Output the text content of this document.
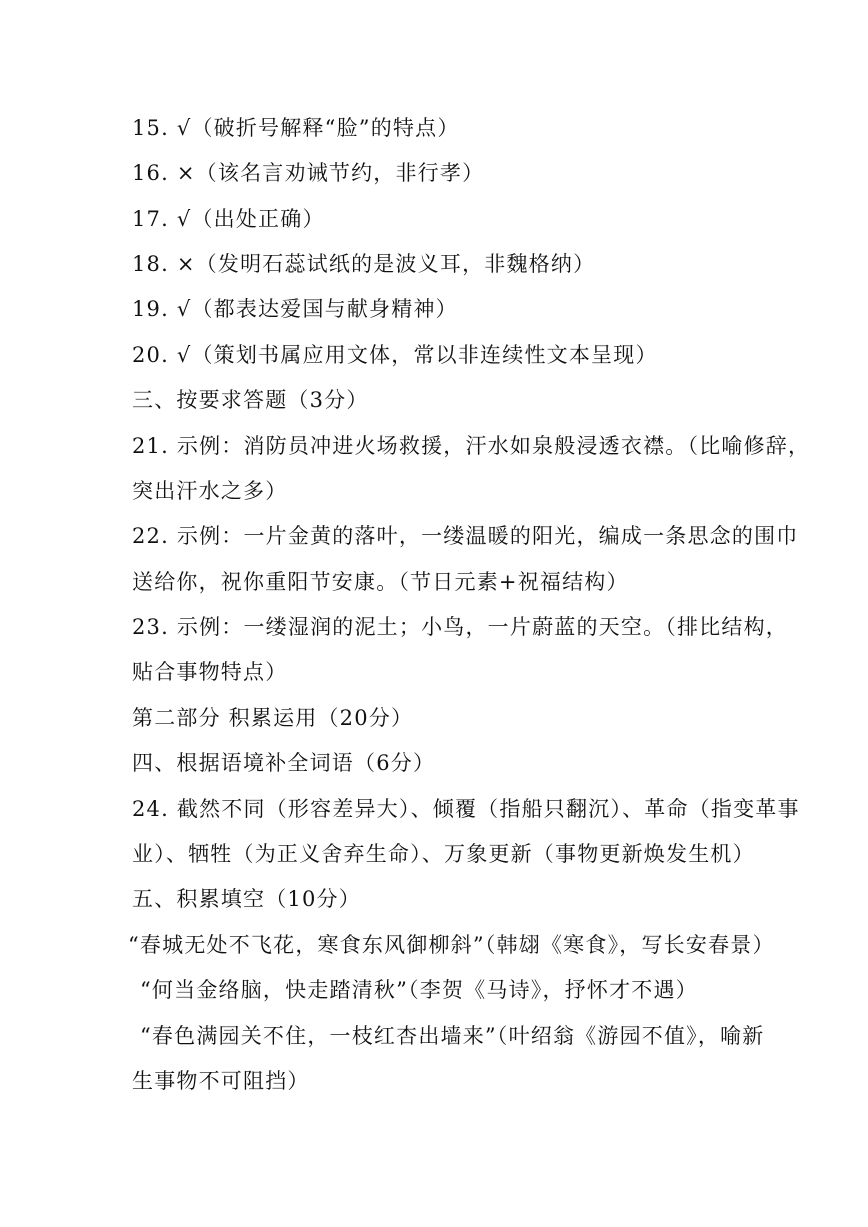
15. √（破折号解释“脸”的特点）
16. ×（该名言劝诫节约，非行孝）
17. √（出处正确）
18. ×（发明石蕊试纸的是波义耳，非魏格纳）
19. √（都表达爱国与献身精神）
20. √（策划书属应用文体，常以非连续性文本呈现）
三、按要求答题（3分）
21. 示例：消防员冲进火场救援，汗水如泉般浸透衣襟。（比喻修辞，
突出汗水之多）
22. 示例：一片金黄的落叶，一缕温暖的阳光，编成一条思念的围巾
送给你，祝你重阳节安康。（节日元素+祝福结构）
23. 示例：一缕湿润的泥土；小鸟，一片蔚蓝的天空。（排比结构，
贴合事物特点）
第二部分 积累运用（20分）
四、根据语境补全词语（6分）
24. 截然不同（形容差异大）、倾覆（指船只翻沉）、革命（指变革事
业）、牺牲（为正义舍弃生命）、万象更新（事物更新焕发生机）
五、积累填空（10分）
“春城无处不飞花，寒食东风御柳斜”（韩翃《寒食》，写长安春景）
“何当金络脑，快走踏清秋”（李贺《马诗》，抒怀才不遇）
“春色满园关不住，一枝红杏出墙来”（叶绍翁《游园不值》，喻新
生事物不可阻挡）
